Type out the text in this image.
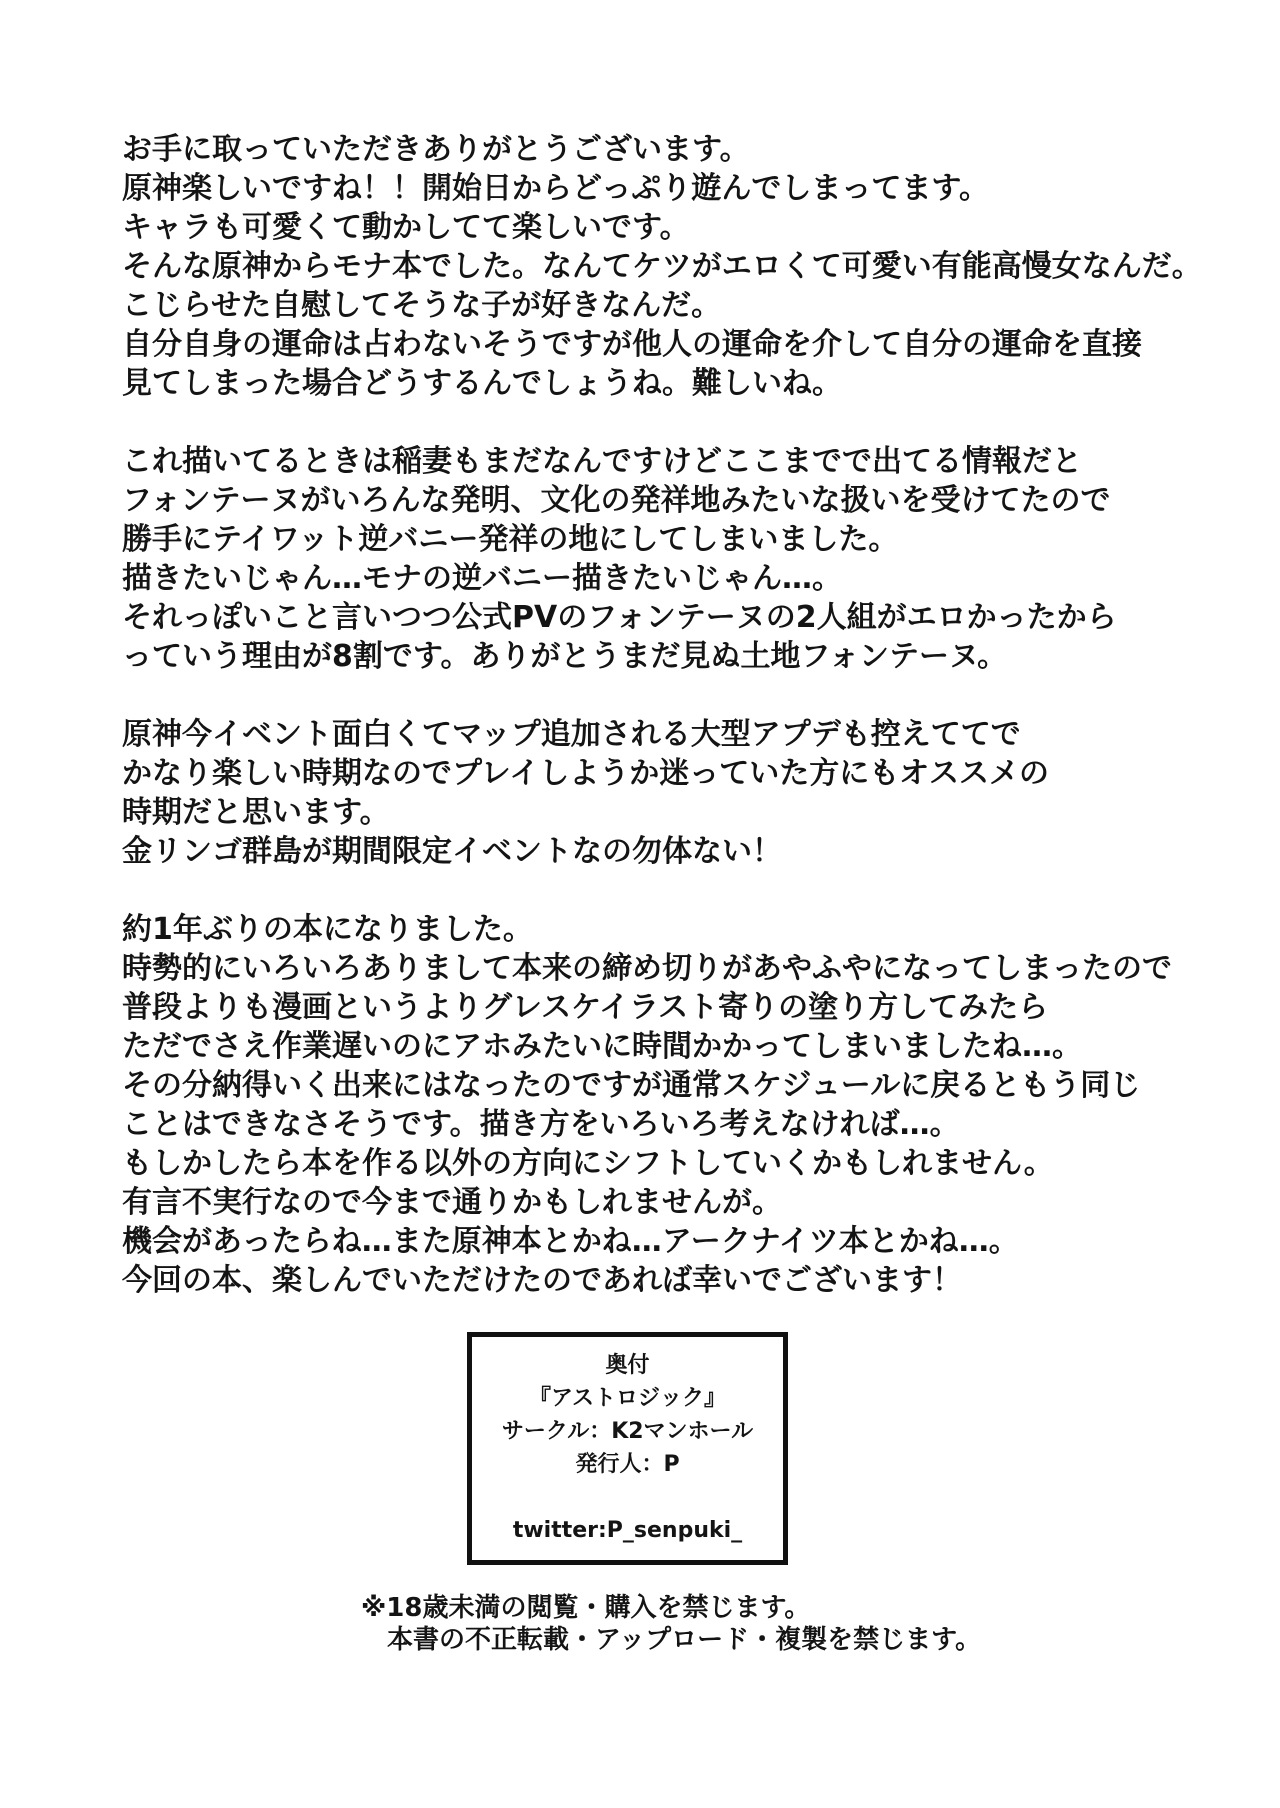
お手に取っていただきありがとうございます。
原神楽しいですね！！開始日からどっぷり遊んでしまってます。
キャラも可愛くて動かしてて楽しいです。
そんな原神からモナ本でした。なんてケツがエロくて可愛い有能高慢女なんだ。
こじらせた自慰してそうな子が好きなんだ。
自分自身の運命は占わないそうですが他人の運命を介して自分の運命を直接
見てしまった場合どうするんでしょうね。難しいね。
これ描いてるときは稲妻もまだなんですけどここまでで出てる情報だと
フォンテーヌがいろんな発明、文化の発祥地みたいな扱いを受けてたので
勝手にテイワット逆バニー発祥の地にしてしまいました。
描きたいじゃん…モナの逆バニー描きたいじゃん…。
それっぽいこと言いつつ公式PVのフォンテーヌの2人組がエロかったから
っていう理由が8割です。ありがとうまだ見ぬ土地フォンテーヌ。
原神今イベント面白くてマップ追加される大型アプデも控えててで
かなり楽しい時期なのでプレイしようか迷っていた方にもオススメの
時期だと思います。
金リンゴ群島が期間限定イベントなの勿体ない！
約1年ぶりの本になりました。
時勢的にいろいろありまして本来の締め切りがあやふやになってしまったので
普段よりも漫画というよりグレスケイラスト寄りの塗り方してみたら
ただでさえ作業遅いのにアホみたいに時間かかってしまいましたね…。
その分納得いく出来にはなったのですが通常スケジュールに戻るともう同じ
ことはできなさそうです。描き方をいろいろ考えなければ…。
もしかしたら本を作る以外の方向にシフトしていくかもしれません。
有言不実行なので今まで通りかもしれませんが。
機会があったらね…また原神本とかね…アークナイツ本とかね…。
今回の本、楽しんでいただけたのであれば幸いでございます！
奥付
『アストロジック』
サークル：K2マンホール
発行人：P
twitter:P_senpuki_
※18歳未満の閲覧・購入を禁じます。
本書の不正転載・アップロード・複製を禁じます。
